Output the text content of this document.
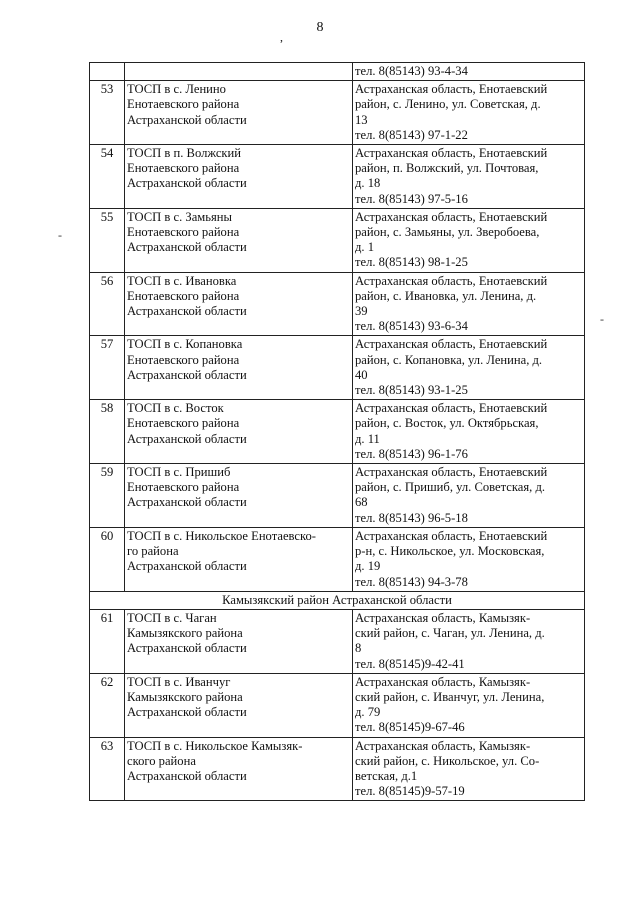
8
,
-
-

		тел. 8(85143) 93-4-34

53	ТОСП в с. Ленино
Енотаевского района
Астраханской области	Астраханская область, Енотаевский
район, с. Ленино, ул. Советская, д.
13
тел. 8(85143) 97-1-22

54	ТОСП в п. Волжский
Енотаевского района
Астраханской области	Астраханская область, Енотаевский
район, п. Волжский, ул. Почтовая,
д. 18
тел. 8(85143) 97-5-16

55	ТОСП в с. Замьяны
Енотаевского района
Астраханской области	Астраханская область, Енотаевский
район, с. Замьяны, ул. Зверобоева,
д. 1
тел. 8(85143) 98-1-25

56	ТОСП в с. Ивановка
Енотаевского района
Астраханской области	Астраханская область, Енотаевский
район, с. Ивановка, ул. Ленина, д.
39
тел. 8(85143) 93-6-34

57	ТОСП в с. Копановка
Енотаевского района
Астраханской области	Астраханская область, Енотаевский
район, с. Копановка, ул. Ленина, д.
40
тел. 8(85143) 93-1-25

58	ТОСП в с. Восток
Енотаевского района
Астраханской области	Астраханская область, Енотаевский
район, с. Восток, ул. Октябрьская,
д. 11
тел. 8(85143) 96-1-76

59	ТОСП в с. Пришиб
Енотаевского района
Астраханской области	Астраханская область, Енотаевский
район, с. Пришиб, ул. Советская, д.
68
тел. 8(85143) 96-5-18

60	ТОСП в с. Никольское Енотаевско-
го района
Астраханской области	Астраханская область, Енотаевский
р-н, с. Никольское, ул. Московская,
д. 19
тел. 8(85143) 94-3-78

Камызякский район Астраханской области		
61	ТОСП в с. Чаган
Камызякского района
Астраханской области	Астраханская область, Камызяк-
ский район, с. Чаган, ул. Ленина, д.
8
тел. 8(85145)9-42-41

62	ТОСП в с. Иванчуг
Камызякского района
Астраханской области	Астраханская область, Камызяк-
ский район, с. Иванчуг, ул. Ленина,
д. 79
тел. 8(85145)9-67-46

63	ТОСП в с. Никольское Камызяк-
ского района
Астраханской области	Астраханская область, Камызяк-
ский район, с. Никольское, ул. Со-
ветская, д.1
тел. 8(85145)9-57-19
